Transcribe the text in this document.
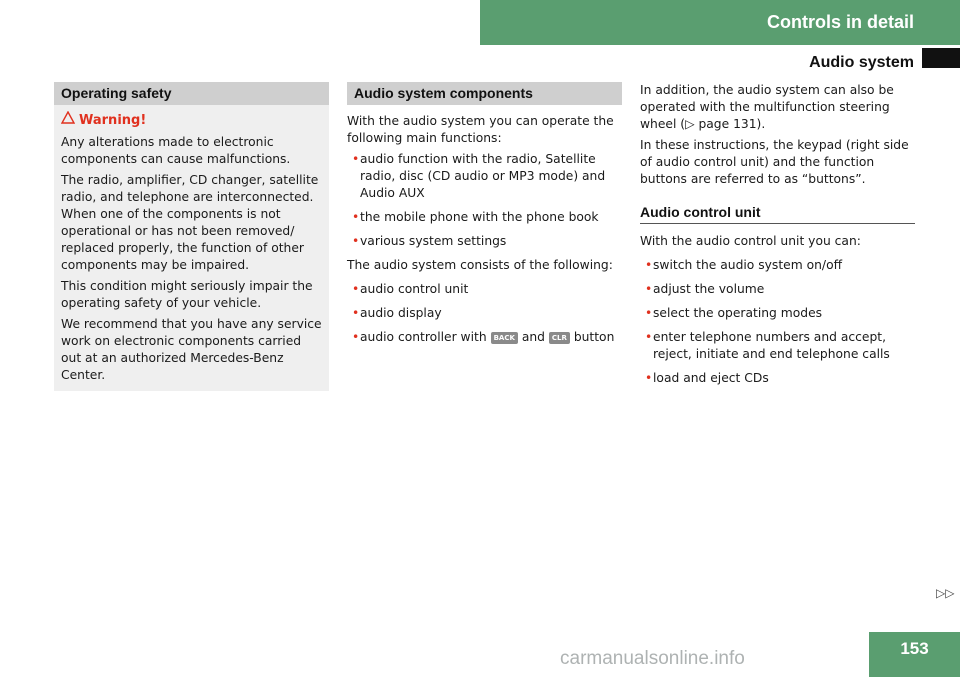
Controls in detail
Audio system
Operating safety
Warning!

Any alterations made to electronic components can cause malfunctions.

The radio, amplifier, CD changer, satellite radio, and telephone are interconnected. When one of the components is not operational or has not been removed/ replaced properly, the function of other components may be impaired.

This condition might seriously impair the operating safety of your vehicle.

We recommend that you have any service work on electronic components carried out at an authorized Mercedes-Benz Center.

Audio system components

With the audio system you can operate the following main functions:

• audio function with the radio, Satellite radio, disc (CD audio or MP3 mode) and Audio AUX
• the mobile phone with the phone book
• various system settings

The audio system consists of the following:

• audio control unit
• audio display
• audio controller with BACK and CLR button

In addition, the audio system can also be operated with the multifunction steering wheel (▷ page 131).

In these instructions, the keypad (right side of audio control unit) and the function buttons are referred to as “buttons”.

Audio control unit

With the audio control unit you can:

• switch the audio system on/off
• adjust the volume
• select the operating modes
• enter telephone numbers and accept, reject, initiate and end telephone calls
• load and eject CDs
▷▷
153
carmanualsonline.info
